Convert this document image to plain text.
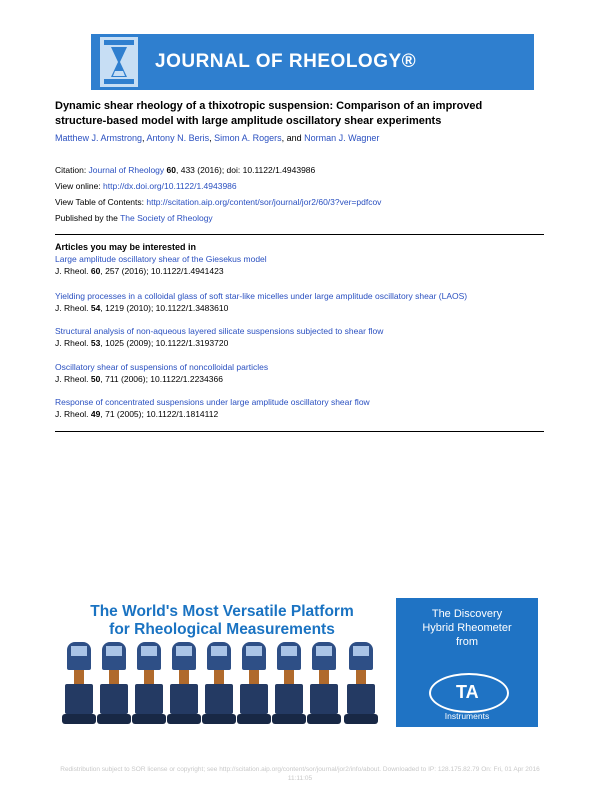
JOURNAL OF RHEOLOGY®
Dynamic shear rheology of a thixotropic suspension: Comparison of an improved
structure-based model with large amplitude oscillatory shear experiments
Matthew J. Armstrong, Antony N. Beris, Simon A. Rogers, and Norman J. Wagner
Citation: Journal of Rheology 60, 433 (2016); doi: 10.1122/1.4943986
View online: http://dx.doi.org/10.1122/1.4943986
View Table of Contents: http://scitation.aip.org/content/sor/journal/jor2/60/3?ver=pdfcov
Published by the The Society of Rheology
Articles you may be interested in
Large amplitude oscillatory shear of the Giesekus model
J. Rheol. 60, 257 (2016); 10.1122/1.4941423
Yielding processes in a colloidal glass of soft star-like micelles under large amplitude oscillatory shear (LAOS)
J. Rheol. 54, 1219 (2010); 10.1122/1.3483610
Structural analysis of non-aqueous layered silicate suspensions subjected to shear flow
J. Rheol. 53, 1025 (2009); 10.1122/1.3193720
Oscillatory shear of suspensions of noncolloidal particles
J. Rheol. 50, 711 (2006); 10.1122/1.2234366
Response of concentrated suspensions under large amplitude oscillatory shear flow
J. Rheol. 49, 71 (2005); 10.1122/1.1814112
The World's Most Versatile Platform
for Rheological Measurements
The Discovery
Hybrid Rheometer
from
TA
Instruments
Redistribution subject to SOR license or copyright; see http://scitation.aip.org/content/sor/journal/jor2/info/about. Downloaded to IP: 128.175.82.79 On: Fri, 01 Apr 2016
11:11:05
